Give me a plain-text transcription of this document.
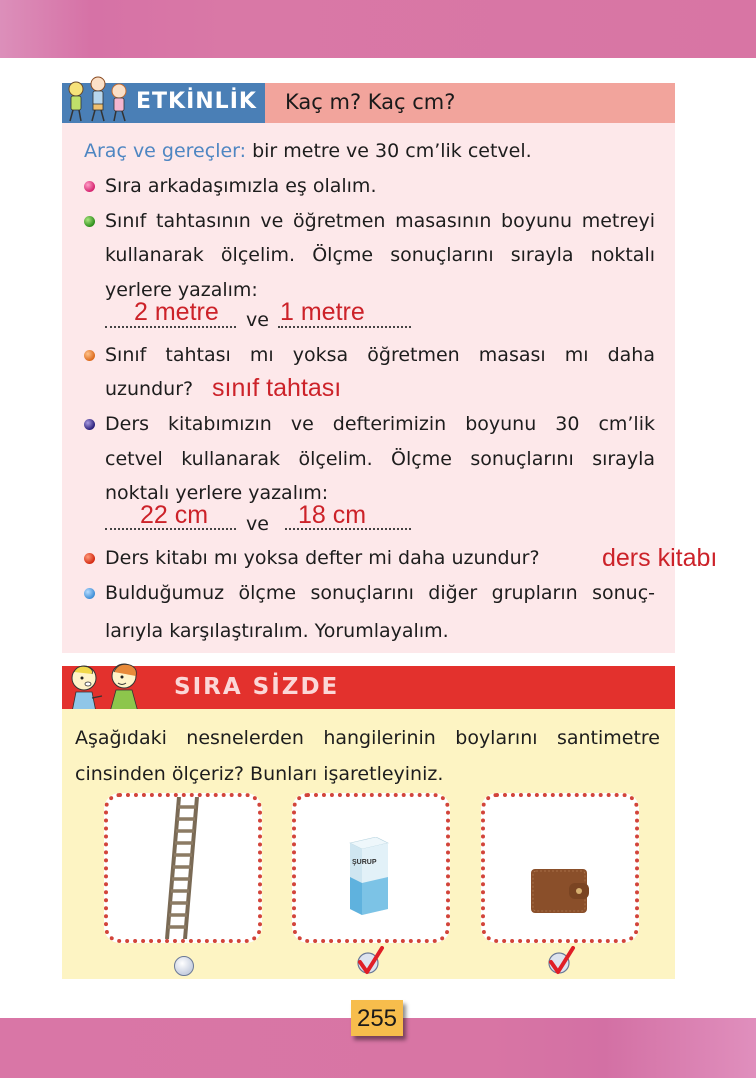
ETKİNLİK Kaç m? Kaç cm?
Araç ve gereçler: bir metre ve 30 cm’lik cetvel.
Sıra arkadaşımızla eş olalım.
Sınıf tahtasının ve öğretmen masasının boyunu metreyi
kullanarak ölçelim. Ölçme sonuçlarını sırayla noktalı
yerlere yazalım:
2 metre ve 1 metre
Sınıf tahtası mı yoksa öğretmen masası mı daha
uzundur? sınıf tahtası
Ders kitabımızın ve defterimizin boyunu 30 cm’lik
cetvel kullanarak ölçelim. Ölçme sonuçlarını sırayla
noktalı yerlere yazalım:
22 cm ve 18 cm
Ders kitabı mı yoksa defter mi daha uzundur? ders kitabı
Bulduğumuz ölçme sonuçlarını diğer grupların sonuç-
larıyla karşılaştıralım. Yorumlayalım.
SIRA SİZDE
Aşağıdaki nesnelerden hangilerinin boylarını santimetre
cinsinden ölçeriz? Bunları işaretleyiniz.
ŞURUP
255
